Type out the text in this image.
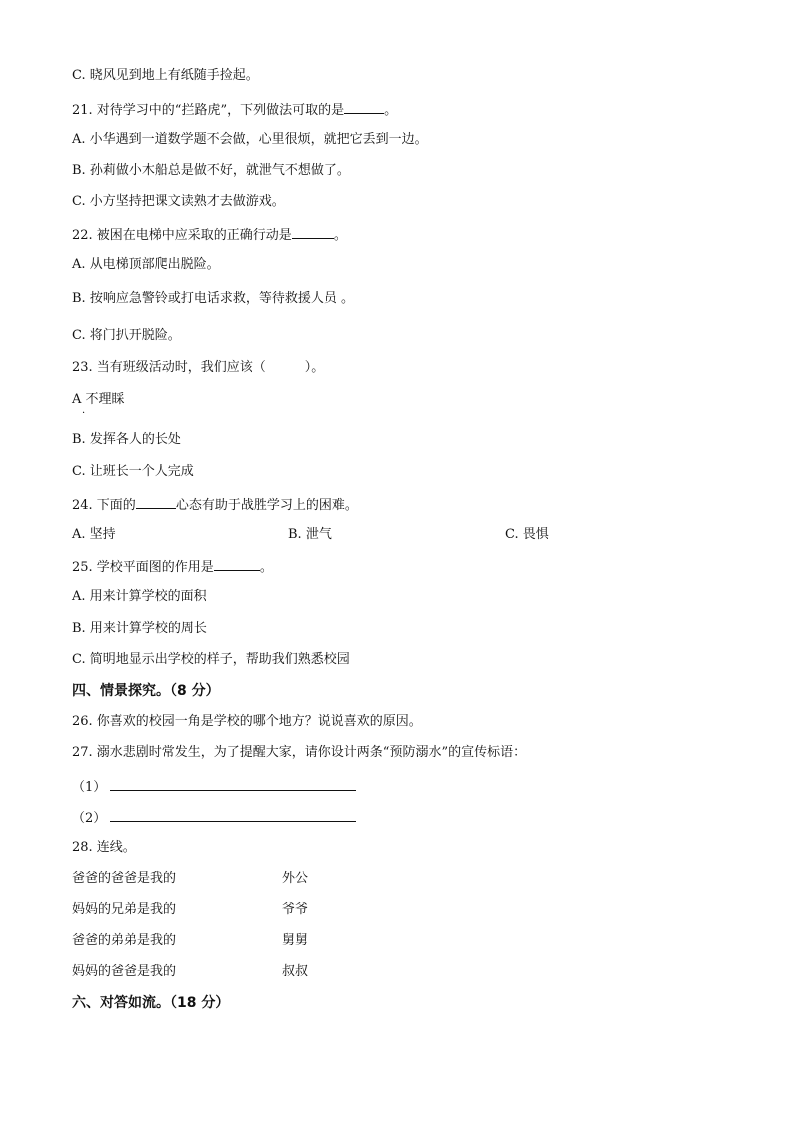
C. 晓风见到地上有纸随手捡起。
21. 对待学习中的“拦路虎”，下列做法可取的是	。
A. 小华遇到一道数学题不会做，心里很烦，就把它丢到一边。
B. 孙莉做小木船总是做不好，就泄气不想做了。
C. 小方坚持把课文读熟才去做游戏。
22. 被困在电梯中应采取的正确行动是	。
A. 从电梯顶部爬出脱险。
B. 按响应急警铃或打电话求救，等待救援人员 。
C. 将门扒开脱险。
23. 当有班级活动时，我们应该（　　　）。
A 不理睬
·
B. 发挥各人的长处
C. 让班长一个人完成
24. 下面的	心态有助于战胜学习上的困难。
A. 坚持	B. 泄气	C. 畏惧
25. 学校平面图的作用是	。
A. 用来计算学校的面积
B. 用来计算学校的周长
C. 简明地显示出学校的样子，帮助我们熟悉校园
四、情景探究。（8 分）
26. 你喜欢的校园一角是学校的哪个地方？说说喜欢的原因。
27. 溺水悲剧时常发生，为了提醒大家，请你设计两条“预防溺水”的宣传标语：
（1）
（2）
28. 连线。
爸爸的爸爸是我的	外公
妈妈的兄弟是我的	爷爷
爸爸的弟弟是我的	舅舅
妈妈的爸爸是我的	叔叔
六、对答如流。（18 分）
